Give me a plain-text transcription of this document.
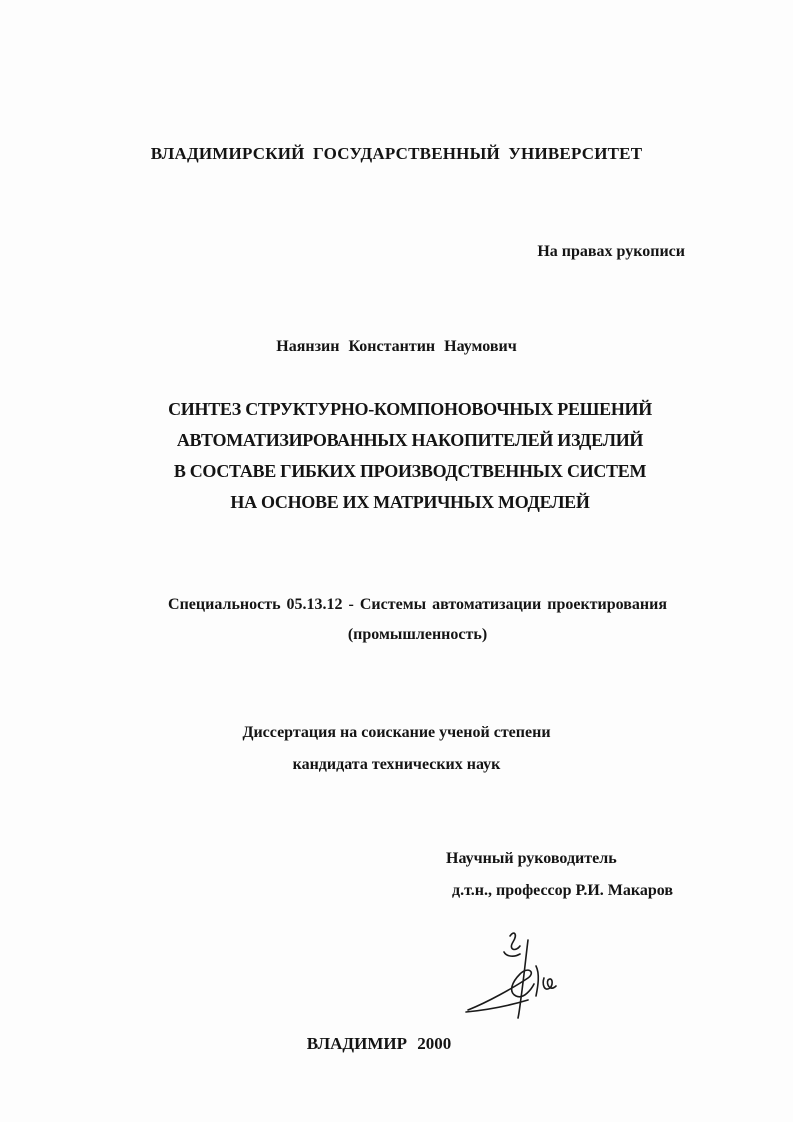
ВЛАДИМИРСКИЙ ГОСУДАРСТВЕННЫЙ УНИВЕРСИТЕТ
На правах рукописи
Наянзин Константин Наумович
СИНТЕЗ СТРУКТУРНО-КОМПОНОВОЧНЫХ РЕШЕНИЙ
АВТОМАТИЗИРОВАННЫХ НАКОПИТЕЛЕЙ ИЗДЕЛИЙ
В СОСТАВЕ ГИБКИХ ПРОИЗВОДСТВЕННЫХ СИСТЕМ
НА ОСНОВЕ ИХ МАТРИЧНЫХ МОДЕЛЕЙ
Специальность 05.13.12 - Системы автоматизации проектирования
(промышленность)
Диссертация на соискание ученой степени
кандидата технических наук
Научный руководитель
д.т.н., профессор Р.И. Макаров
ВЛАДИМИР 2000
